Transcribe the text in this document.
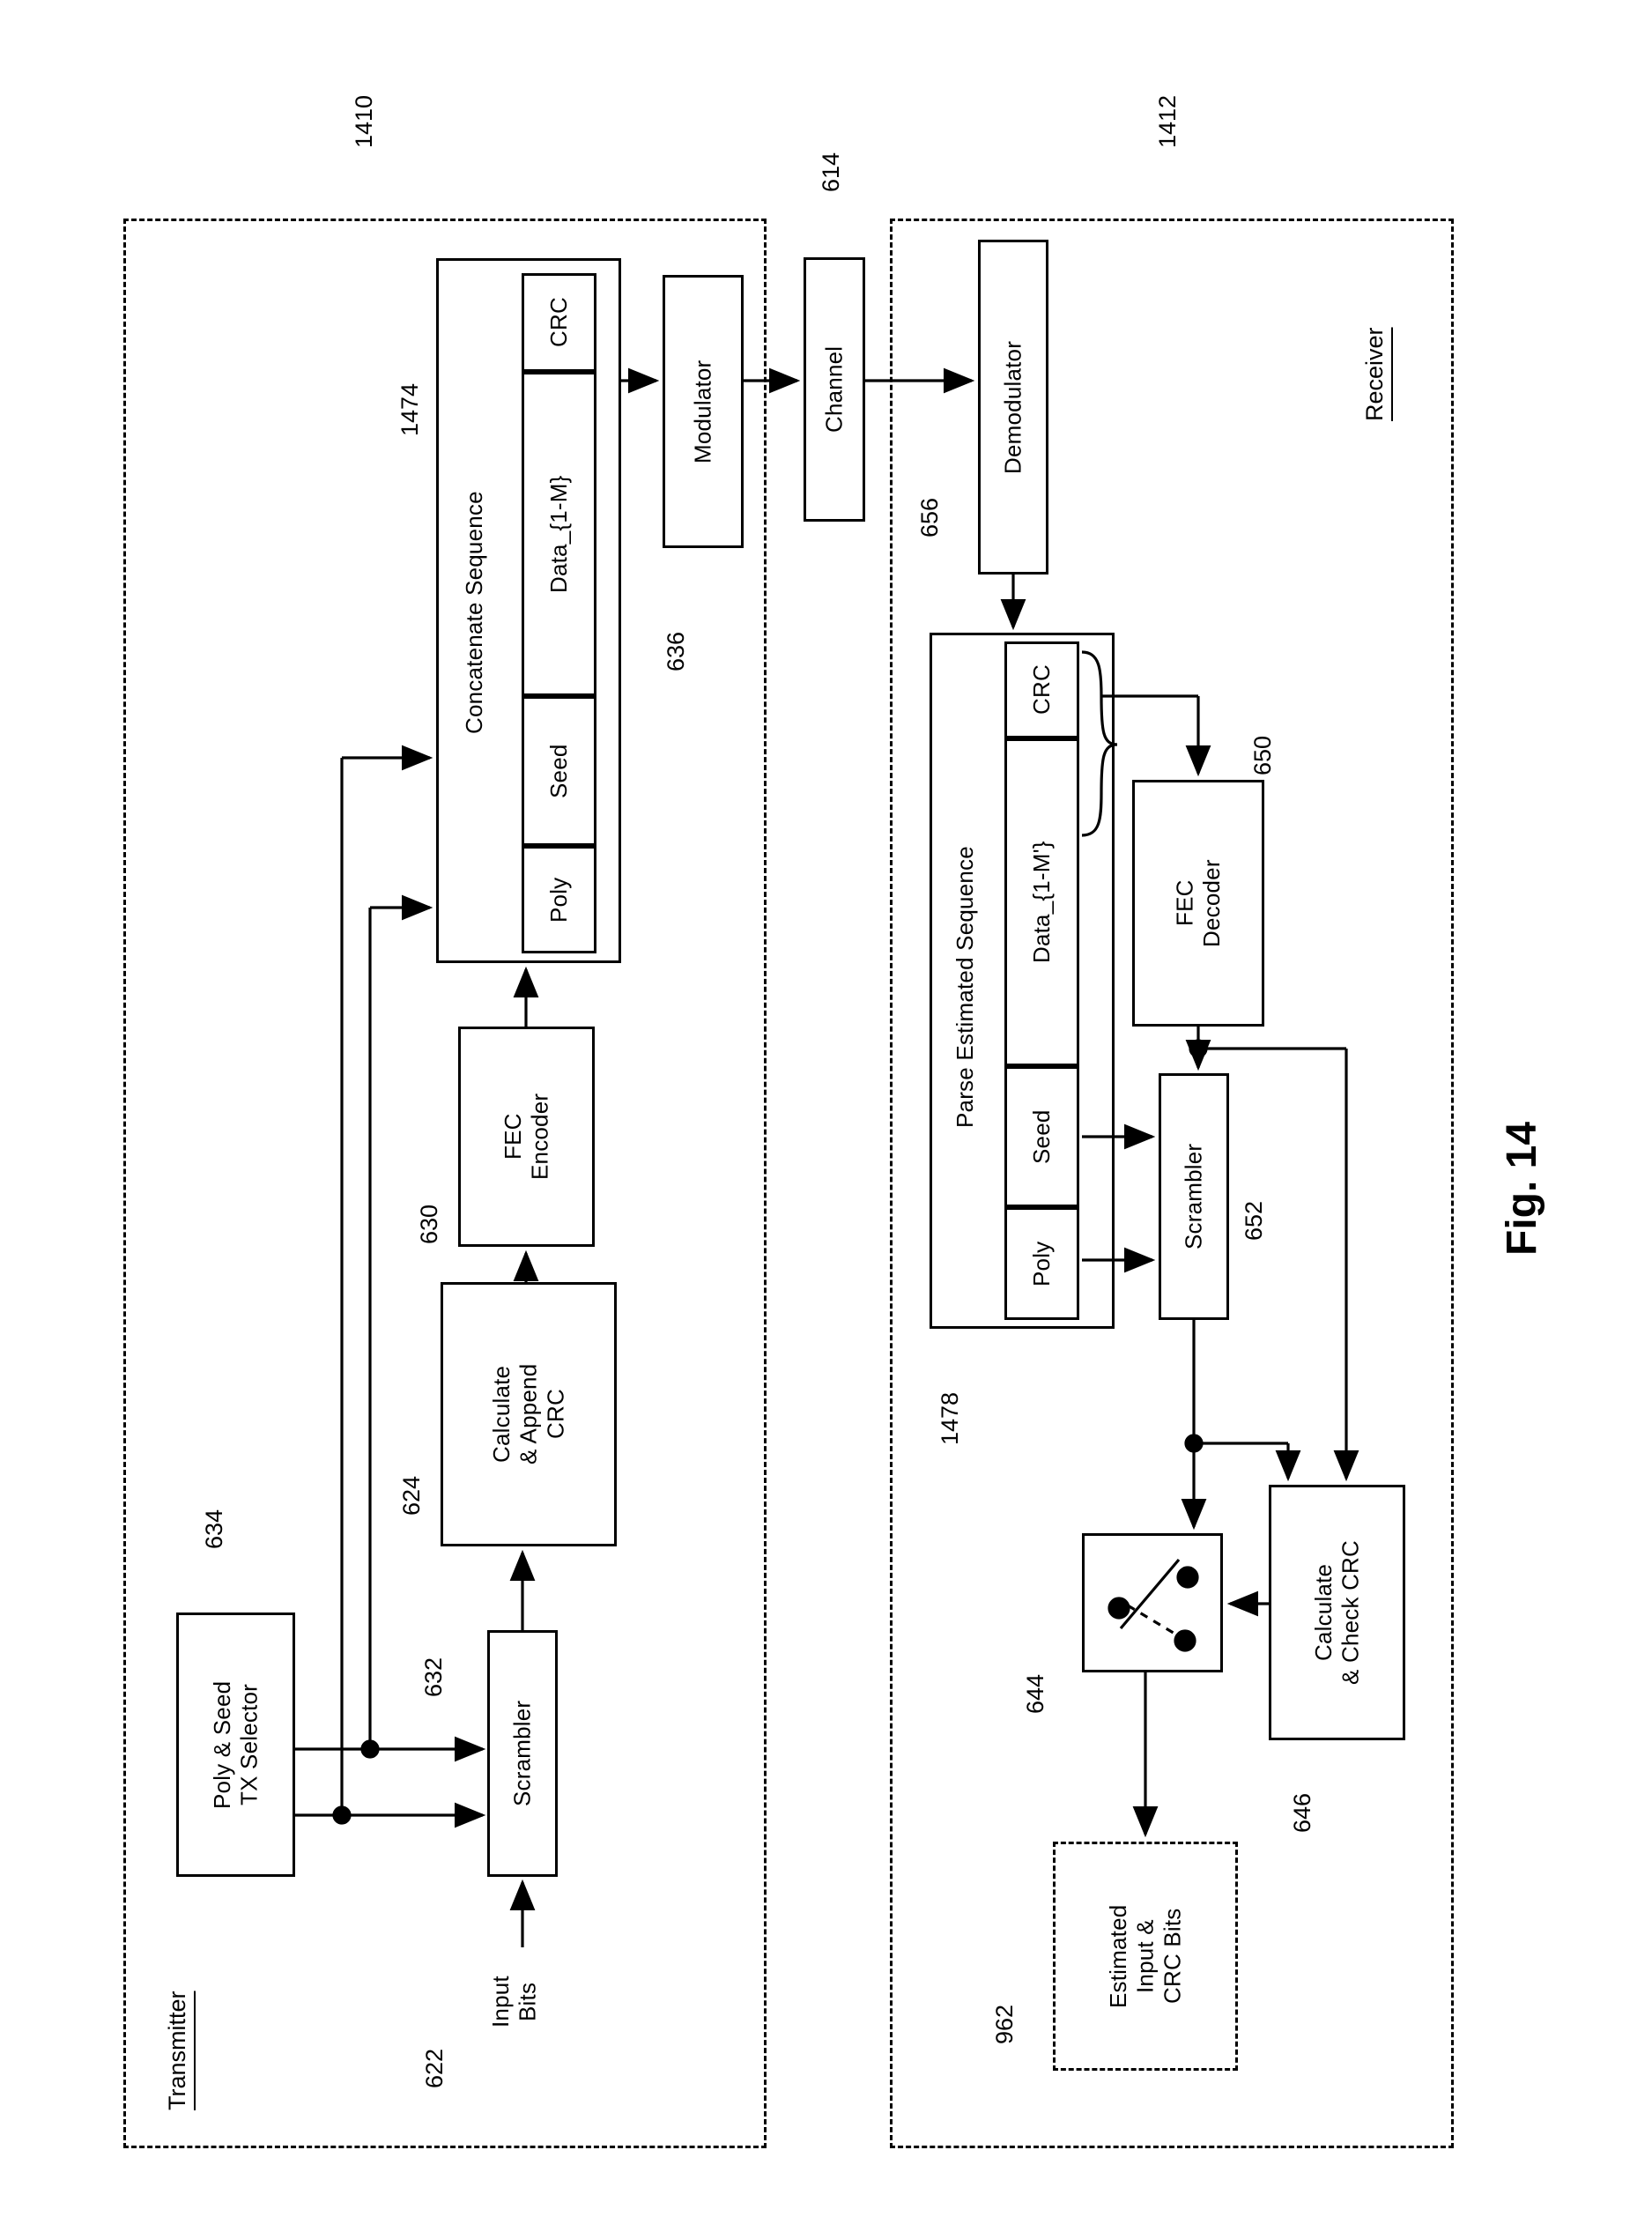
Transmitter
1410
Receiver
1412
Poly & Seed
TX Selector
634
Scrambler
632
Calculate
& Append
CRC
624
FEC
Encoder
630
Concatenate Sequence
1474
Poly
Seed
Data_{1-M}
CRC
Modulator
636
Input
Bits
622
Channel
614
Demodulator
656
Parse Estimated Sequence
1478
Poly
Seed
Data_{1-M'}
CRC
FEC
Decoder
650
Scrambler	652
Calculate
& Check CRC
646
644
Estimated
Input &
CRC Bits
962
Fig. 14
